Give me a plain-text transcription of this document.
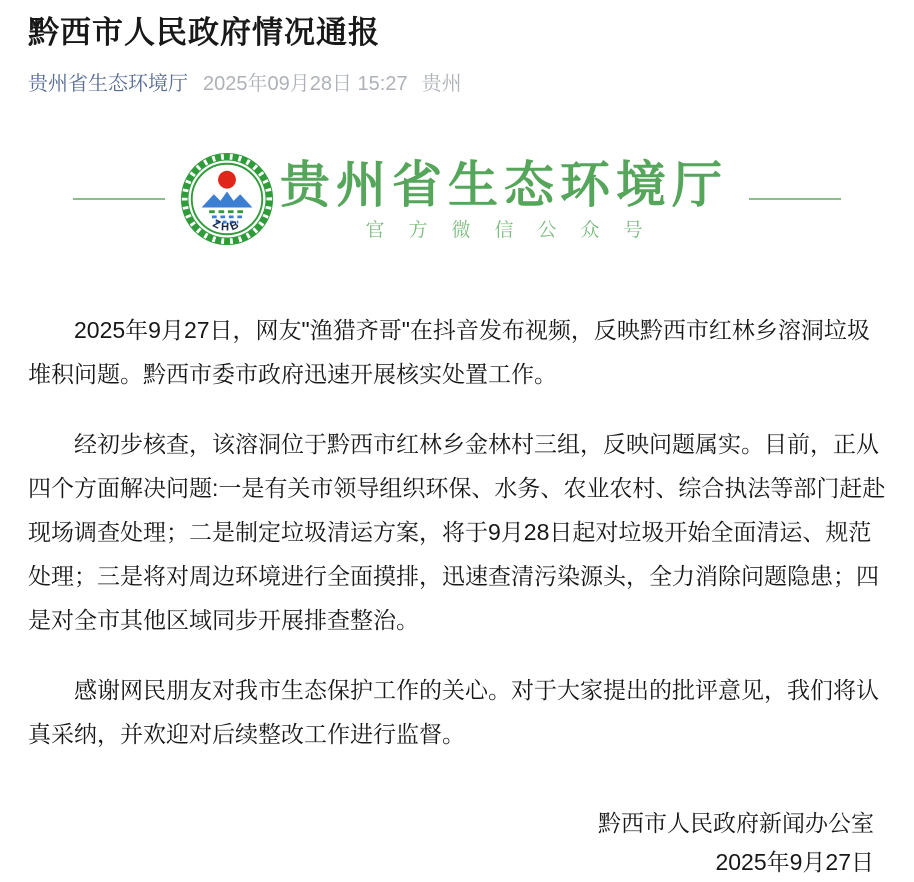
黔西市人民政府情况通报
贵州省生态环境厅 2025年09月28日 15:27 贵州
ZHB
贵州省生态环境厅
官方微信公众号

2025年9月27日，网友"渔猎齐哥"在抖音发布视频，反映黔西市红林乡溶洞垃圾堆积问题。黔西市委市政府迅速开展核实处置工作。

经初步核查，该溶洞位于黔西市红林乡金林村三组，反映问题属实。目前，正从四个方面解决问题:一是有关市领导组织环保、水务、农业农村、综合执法等部门赶赴现场调查处理；二是制定垃圾清运方案，将于9月28日起对垃圾开始全面清运、规范处理；三是将对周边环境进行全面摸排，迅速查清污染源头，全力消除问题隐患；四是对全市其他区域同步开展排查整治。

感谢网民朋友对我市生态保护工作的关心。对于大家提出的批评意见，我们将认真采纳，并欢迎对后续整改工作进行监督。

黔西市人民政府新闻办公室
2025年9月27日
